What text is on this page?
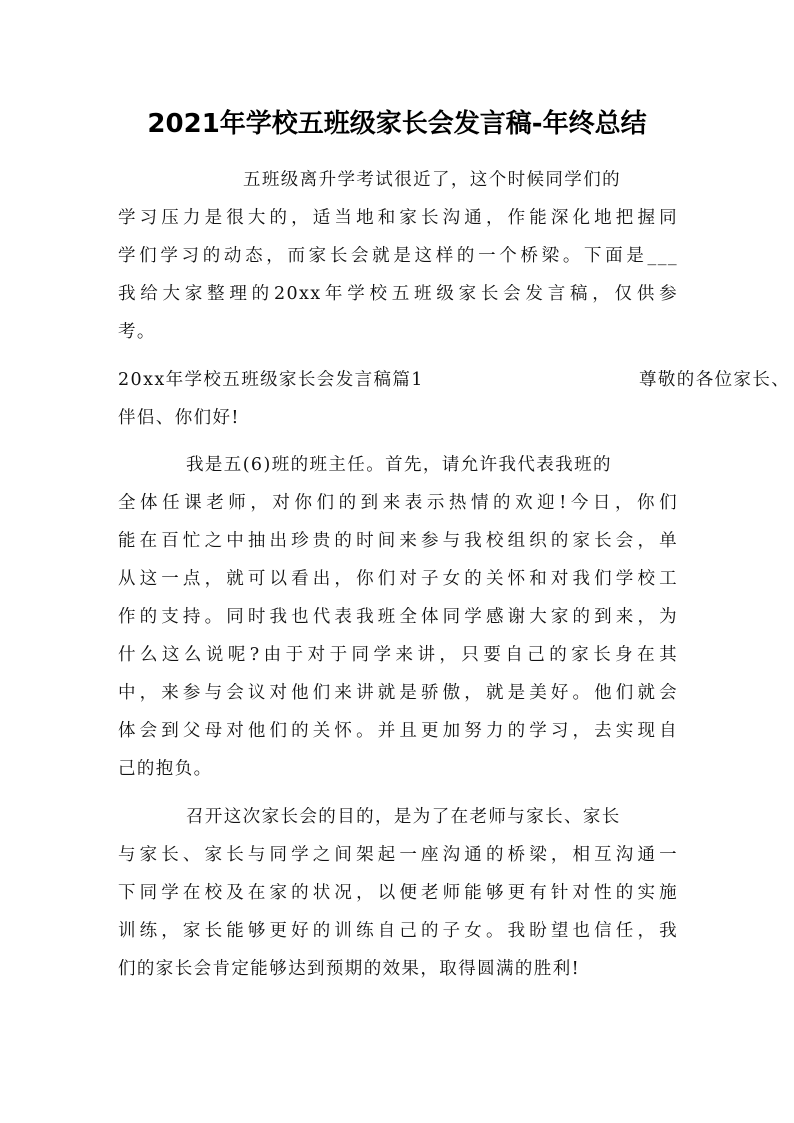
2021年学校五班级家长会发言稿-年终总结
五班级离升学考试很近了，这个时候同学们的
学习压力是很大的，适当地和家长沟通，作能深化地把握同
学们学习的动态，而家长会就是这样的一个桥梁。下面是___
我给大家整理的20xx年学校五班级家长会发言稿，仅供参
考。
20xx年学校五班级家长会发言稿篇1	尊敬的各位家长、
伴侣、你们好!
我是五(6)班的班主任。首先，请允许我代表我班的
全体任课老师，对你们的到来表示热情的欢迎!今日，你们
能在百忙之中抽出珍贵的时间来参与我校组织的家长会，单
从这一点，就可以看出，你们对子女的关怀和对我们学校工
作的支持。同时我也代表我班全体同学感谢大家的到来，为
什么这么说呢?由于对于同学来讲，只要自己的家长身在其
中，来参与会议对他们来讲就是骄傲，就是美好。他们就会
体会到父母对他们的关怀。并且更加努力的学习，去实现自
己的抱负。
召开这次家长会的目的，是为了在老师与家长、家长
与家长、家长与同学之间架起一座沟通的桥梁，相互沟通一
下同学在校及在家的状况，以便老师能够更有针对性的实施
训练，家长能够更好的训练自己的子女。我盼望也信任，我
们的家长会肯定能够达到预期的效果，取得圆满的胜利!
